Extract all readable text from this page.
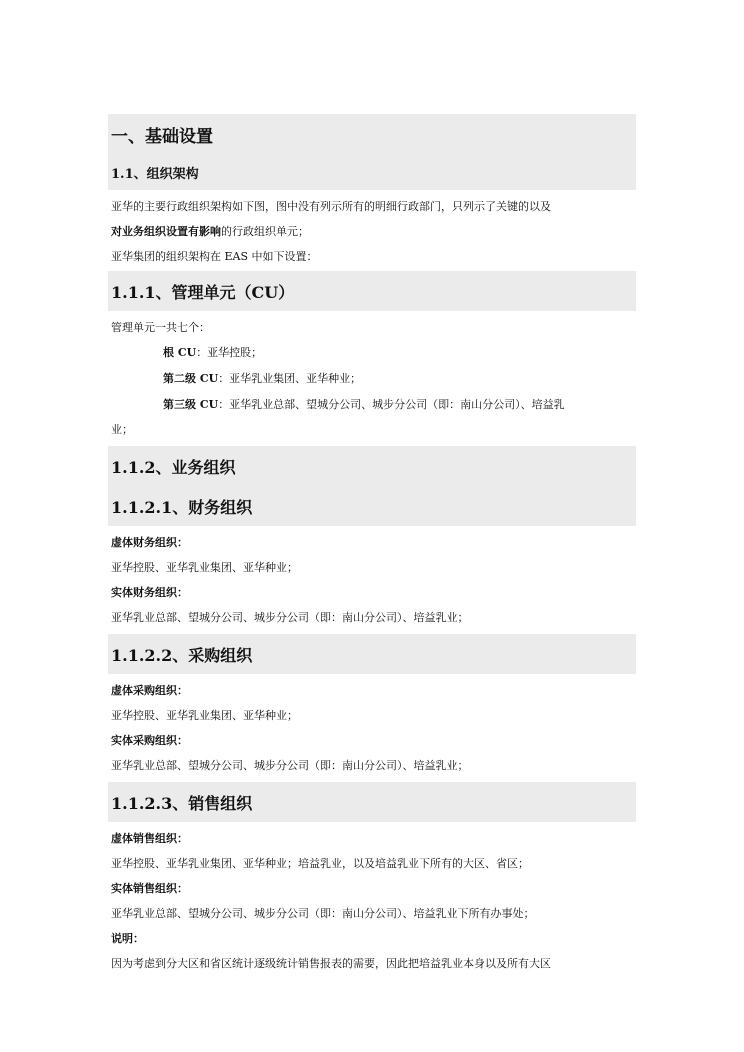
一、基础设置
1.1、组织架构

亚华的主要行政组织架构如下图，图中没有列示所有的明细行政部门，只列示了关键的以及

对业务组织设置有影响的行政组织单元；

亚华集团的组织架构在 EAS 中如下设置：

1.1.1、管理单元（CU）

管理单元一共七个：

根 CU：亚华控股；
第二级 CU：亚华乳业集团、亚华种业；
第三级 CU：亚华乳业总部、望城分公司、城步分公司（即：南山分公司）、培益乳

业；

1.1.2、业务组织
1.1.2.1、财务组织

虚体财务组织：

亚华控股、亚华乳业集团、亚华种业；

实体财务组织：

亚华乳业总部、望城分公司、城步分公司（即：南山分公司）、培益乳业；

1.1.2.2、采购组织

虚体采购组织：

亚华控股、亚华乳业集团、亚华种业；

实体采购组织：

亚华乳业总部、望城分公司、城步分公司（即：南山分公司）、培益乳业；

1.1.2.3、销售组织

虚体销售组织：

亚华控股、亚华乳业集团、亚华种业；培益乳业，以及培益乳业下所有的大区、省区；

实体销售组织：

亚华乳业总部、望城分公司、城步分公司（即：南山分公司）、培益乳业下所有办事处；

说明：

因为考虑到分大区和省区统计逐级统计销售报表的需要，因此把培益乳业本身以及所有大区
